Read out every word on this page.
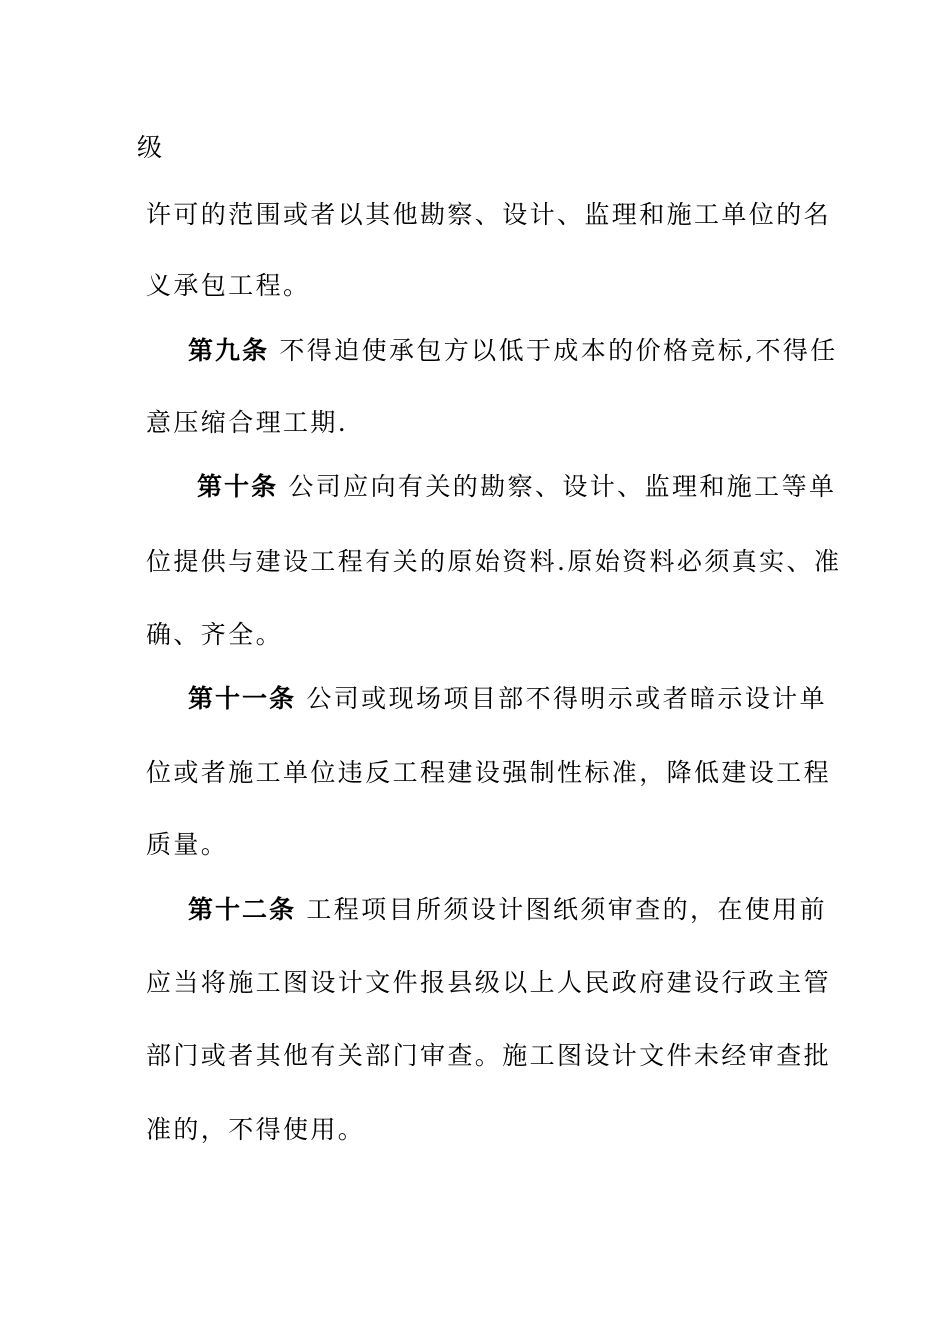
级
许可的范围或者以其他勘察、设计、监理和施工单位的名
义承包工程。
第九条 不得迫使承包方以低于成本的价格竞标,不得任
意压缩合理工期.
第十条 公司应向有关的勘察、设计、监理和施工等单
位提供与建设工程有关的原始资料.原始资料必须真实、准
确、齐全。
第十一条 公司或现场项目部不得明示或者暗示设计单
位或者施工单位违反工程建设强制性标准，降低建设工程
质量。
第十二条 工程项目所须设计图纸须审查的，在使用前
应当将施工图设计文件报县级以上人民政府建设行政主管
部门或者其他有关部门审查。施工图设计文件未经审查批
准的，不得使用。
